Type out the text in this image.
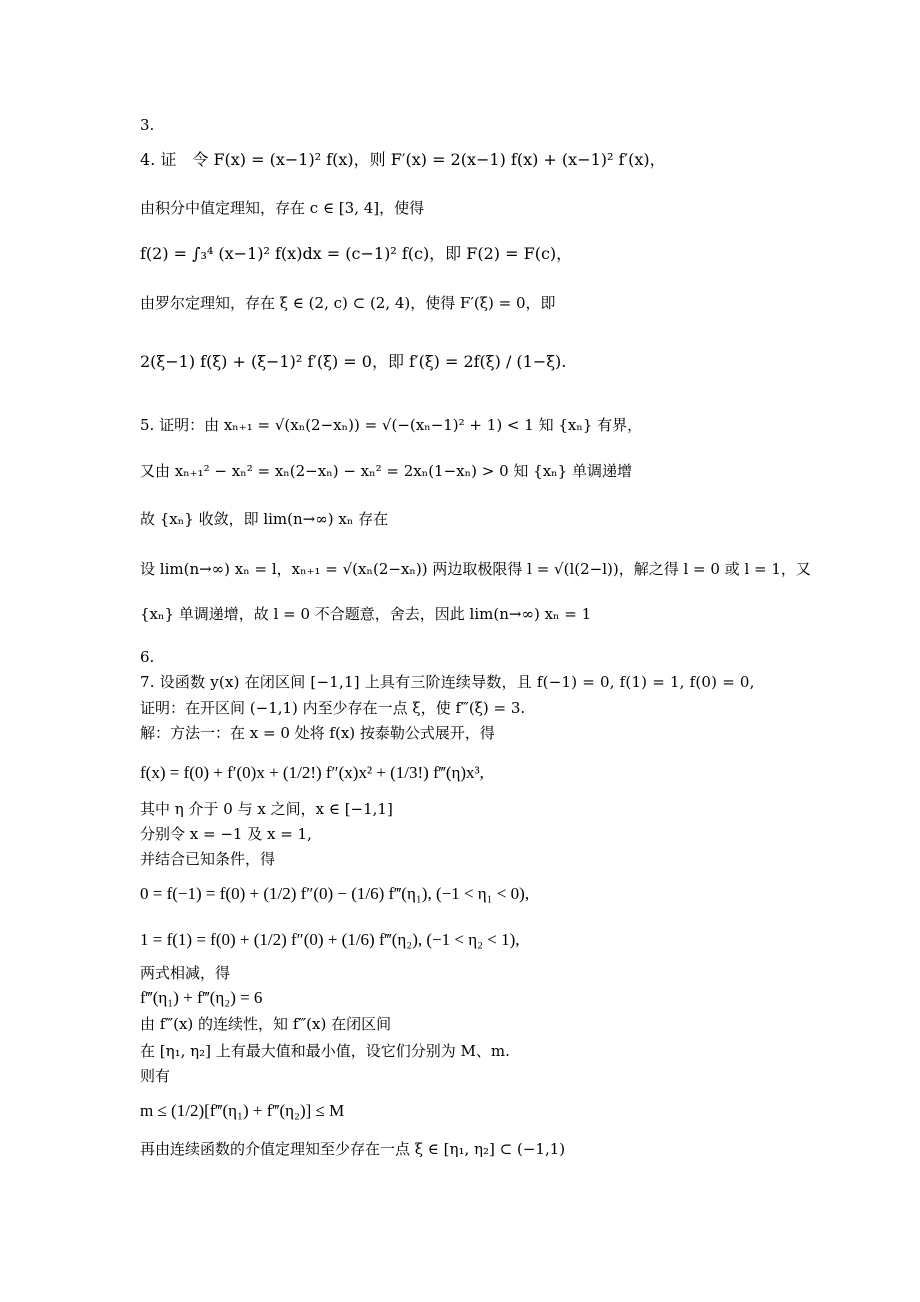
3.
4. 证　令 F(x) = (x−1)² f(x)，则 F′(x) = 2(x−1) f(x) + (x−1)² f′(x)，
由积分中值定理知，存在 c ∈ [3, 4]，使得
f(2) = ∫₃⁴ (x−1)² f(x)dx = (c−1)² f(c)，即 F(2) = F(c)，
由罗尔定理知，存在 ξ ∈ (2, c) ⊂ (2, 4)，使得 F′(ξ) = 0，即
2(ξ−1) f(ξ) + (ξ−1)² f′(ξ) = 0，即 f′(ξ) = 2f(ξ) / (1−ξ).
5. 证明：由 xₙ₊₁ = √(xₙ(2−xₙ)) = √(−(xₙ−1)² + 1) < 1 知 {xₙ} 有界，
又由 xₙ₊₁² − xₙ² = xₙ(2−xₙ) − xₙ² = 2xₙ(1−xₙ) > 0 知 {xₙ} 单调递增
故 {xₙ} 收敛，即 lim(n→∞) xₙ 存在
设 lim(n→∞) xₙ = l，xₙ₊₁ = √(xₙ(2−xₙ)) 两边取极限得 l = √(l(2−l))，解之得 l = 0 或 l = 1，又
{xₙ} 单调递增，故 l = 0 不合题意，舍去，因此 lim(n→∞) xₙ = 1
6.
7. 设函数 y(x) 在闭区间 [−1,1] 上具有三阶连续导数，且 f(−1) = 0, f(1) = 1, f(0) = 0,
证明：在开区间 (−1,1) 内至少存在一点 ξ，使 f‴(ξ) = 3.
解：方法一：在 x = 0 处将 f(x) 按泰勒公式展开，得
f(x) = f(0) + f′(0)x + (1/2!) f″(x)x² + (1/3!) f‴(η)x³,
其中 η 介于 0 与 x 之间，x ∈ [−1,1]
分别令 x = −1 及 x = 1,
并结合已知条件，得
0 = f(−1) = f(0) + (1/2) f″(0) − (1/6) f‴(η₁), (−1 < η₁ < 0),
1 = f(1) = f(0) + (1/2) f″(0) + (1/6) f‴(η₂), (−1 < η₂ < 1),
两式相减，得
f‴(η₁) + f‴(η₂) = 6
由 f‴(x) 的连续性，知 f‴(x) 在闭区间
在 [η₁, η₂] 上有最大值和最小值，设它们分别为 M、m.
则有
m ≤ (1/2)[f‴(η₁) + f‴(η₂)] ≤ M
再由连续函数的介值定理知至少存在一点 ξ ∈ [η₁, η₂] ⊂ (−1,1)
